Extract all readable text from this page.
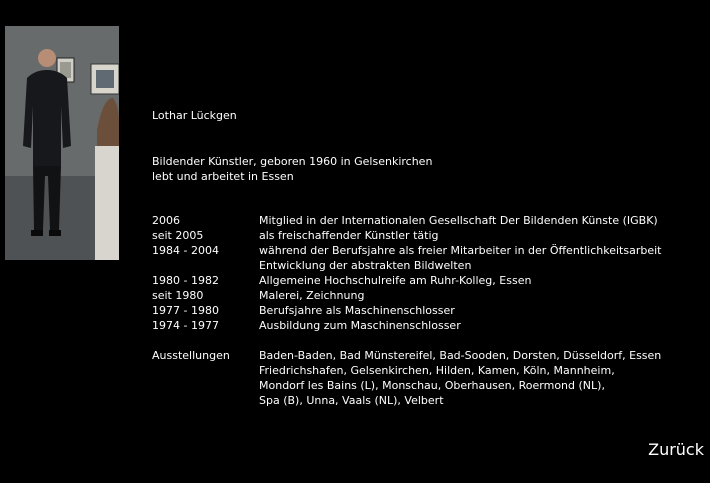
Lothar Lückgen
Bildender Künstler, geboren 1960 in Gelsenkirchen
lebt und arbeitet in Essen
2006	Mitglied in der Internationalen Gesellschaft Der Bildenden Künste (IGBK)
seit 2005	als freischaffender Künstler tätig
1984 - 2004	während der Berufsjahre als freier Mitarbeiter in der Öffentlichkeitsarbeit
Entwicklung der abstrakten Bildwelten
1980 - 1982	Allgemeine Hochschulreife am Ruhr-Kolleg, Essen
seit 1980	Malerei, Zeichnung
1977 - 1980	Berufsjahre als Maschinenschlosser
1974 - 1977	Ausbildung zum Maschinenschlosser
Ausstellungen	Baden-Baden, Bad Münstereifel, Bad-Sooden, Dorsten, Düsseldorf, Essen
Friedrichshafen, Gelsenkirchen, Hilden, Kamen, Köln, Mannheim,
Mondorf les Bains (L), Monschau, Oberhausen, Roermond (NL),
Spa (B), Unna, Vaals (NL), Velbert
Zurück
